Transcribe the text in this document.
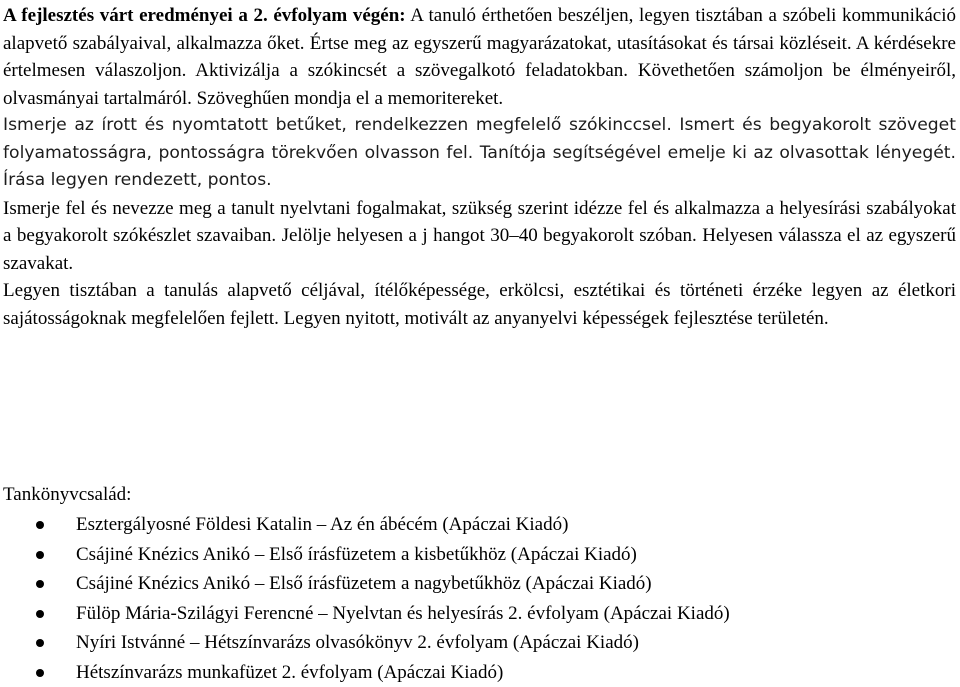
A fejlesztés várt eredményei a 2. évfolyam végén: A tanuló érthetően beszéljen, legyen tisztában a szóbeli kommunikáció alapvető szabályaival, alkalmazza őket. Értse meg az egyszerű magyarázatokat, utasításokat és társai közléseit. A kérdésekre értelmesen válaszoljon. Aktivizálja a szókincsét a szövegalkotó feladatokban. Követhetően számoljon be élményeiről, olvasmányai tartalmáról. Szöveghűen mondja el a memoritereket.

Ismerje az írott és nyomtatott betűket, rendelkezzen megfelelő szókinccsel. Ismert és begyakorolt szöveget folyamatosságra, pontosságra törekvően olvasson fel. Tanítója segítségével emelje ki az olvasottak lényegét. Írása legyen rendezett, pontos.

Ismerje fel és nevezze meg a tanult nyelvtani fogalmakat, szükség szerint idézze fel és alkalmazza a helyesírási szabályokat a begyakorolt szókészlet szavaiban. Jelölje helyesen a j hangot 30–40 begyakorolt szóban. Helyesen válassza el az egyszerű szavakat.

Legyen tisztában a tanulás alapvető céljával, ítélőképessége, erkölcsi, esztétikai és történeti érzéke legyen az életkori sajátosságoknak megfelelően fejlett. Legyen nyitott, motivált az anyanyelvi képességek fejlesztése területén.

Tankönyvcsalád:

Esztergályosné Földesi Katalin – Az én ábécém (Apáczai Kiadó)
Csájiné Knézics Anikó – Első írásfüzetem a kisbetűkhöz (Apáczai Kiadó)
Csájiné Knézics Anikó – Első írásfüzetem a nagybetűkhöz (Apáczai Kiadó)
Fülöp Mária-Szilágyi Ferencné – Nyelvtan és helyesírás 2. évfolyam (Apáczai Kiadó)
Nyíri Istvánné – Hétszínvarázs olvasókönyv 2. évfolyam (Apáczai Kiadó)
Hétszínvarázs munkafüzet 2. évfolyam (Apáczai Kiadó)
